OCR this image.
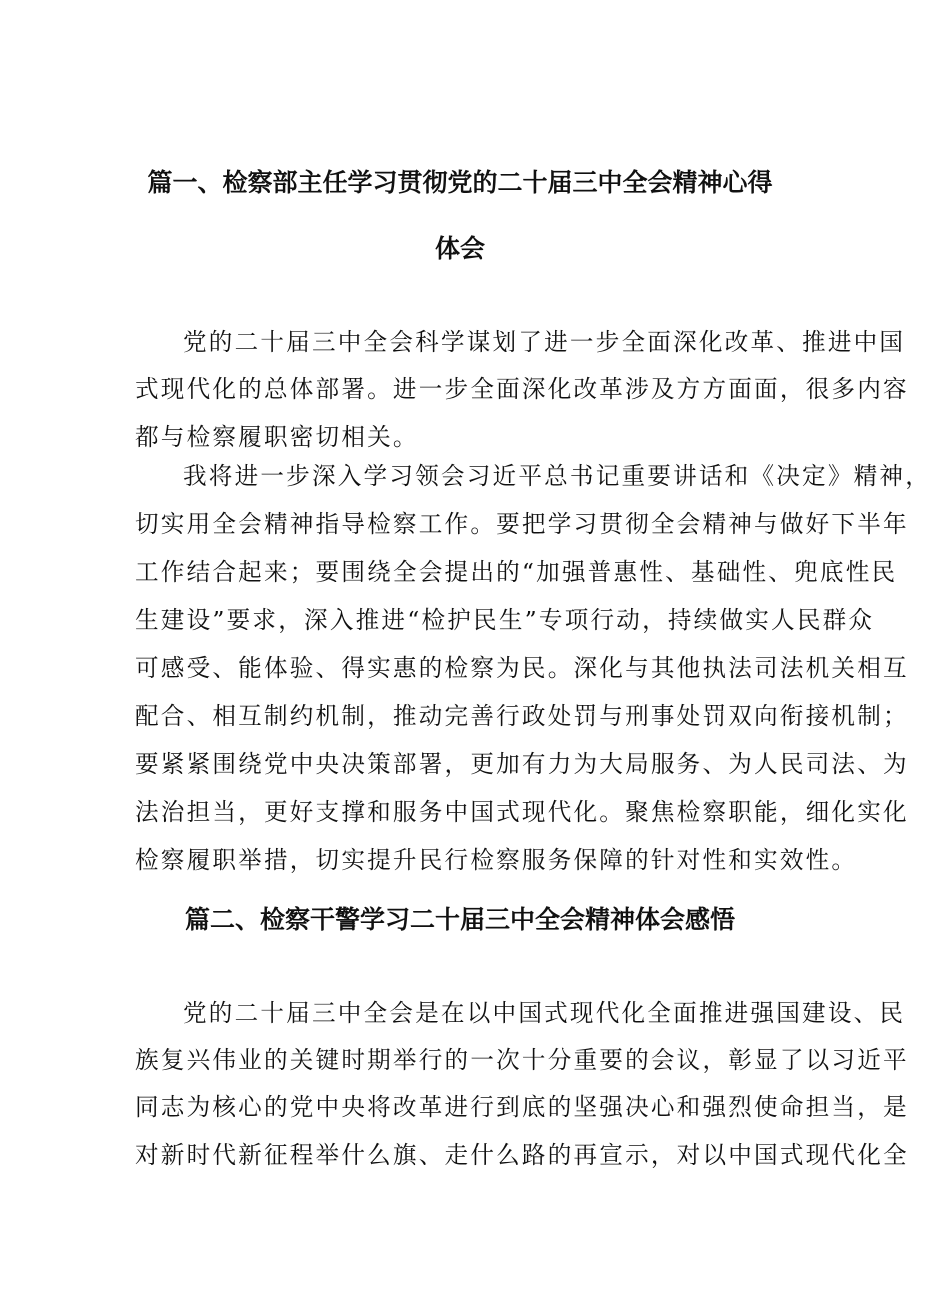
篇一、检察部主任学习贯彻党的二十届三中全会精神心得
体会
党的二十届三中全会科学谋划了进一步全面深化改革、推进中国
式现代化的总体部署。进一步全面深化改革涉及方方面面，很多内容
都与检察履职密切相关。
我将进一步深入学习领会习近平总书记重要讲话和《决定》精神，
切实用全会精神指导检察工作。要把学习贯彻全会精神与做好下半年
工作结合起来；要围绕全会提出的“加强普惠性、基础性、兜底性民
生建设”要求，深入推进“检护民生”专项行动，持续做实人民群众
可感受、能体验、得实惠的检察为民。深化与其他执法司法机关相互
配合、相互制约机制，推动完善行政处罚与刑事处罚双向衔接机制；
要紧紧围绕党中央决策部署，更加有力为大局服务、为人民司法、为
法治担当，更好支撑和服务中国式现代化。聚焦检察职能，细化实化
检察履职举措，切实提升民行检察服务保障的针对性和实效性。
篇二、检察干警学习二十届三中全会精神体会感悟
党的二十届三中全会是在以中国式现代化全面推进强国建设、民
族复兴伟业的关键时期举行的一次十分重要的会议，彰显了以习近平
同志为核心的党中央将改革进行到底的坚强决心和强烈使命担当，是
对新时代新征程举什么旗、走什么路的再宣示，对以中国式现代化全
